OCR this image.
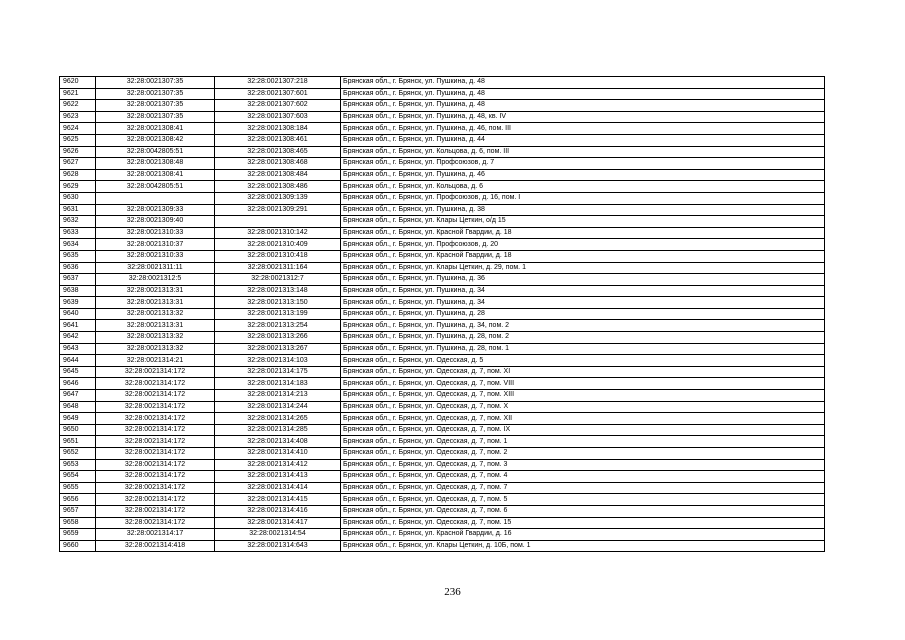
9620	32:28:0021307:35	32:28:0021307:218	Брянская обл., г. Брянск, ул. Пушкина, д. 48
9621	32:28:0021307:35	32:28:0021307:601	Брянская обл., г. Брянск, ул. Пушкина, д. 48
9622	32:28:0021307:35	32:28:0021307:602	Брянская обл., г. Брянск, ул. Пушкина, д. 48
9623	32:28:0021307:35	32:28:0021307:603	Брянская обл., г. Брянск, ул. Пушкина, д. 48, кв. IV
9624	32:28:0021308:41	32:28:0021308:184	Брянская обл., г. Брянск, ул. Пушкина, д. 46, пом. III
9625	32:28:0021308:42	32:28:0021308:461	Брянская обл., г. Брянск, ул. Пушкина, д. 44
9626	32:28:0042805:51	32:28:0021308:465	Брянская обл., г. Брянск, ул. Кольцова, д. 6, пом. III
9627	32:28:0021308:48	32:28:0021308:468	Брянская обл., г. Брянск, ул. Профсоюзов, д. 7
9628	32:28:0021308:41	32:28:0021308:484	Брянская обл., г. Брянск, ул. Пушкина, д. 46
9629	32:28:0042805:51	32:28:0021308:486	Брянская обл., г. Брянск, ул. Кольцова, д. 6
9630		32:28:0021309:139	Брянская обл., г. Брянск, ул. Профсоюзов, д. 16, пом. I
9631	32:28:0021309:33	32:28:0021309:291	Брянская обл., г. Брянск, ул. Пушкина, д. 38
9632	32:28:0021309:40		Брянская обл., г. Брянск, ул. Клары Цеткин, о/д 15
9633	32:28:0021310:33	32:28:0021310:142	Брянская обл., г. Брянск, ул. Красной Гвардии, д. 18
9634	32:28:0021310:37	32:28:0021310:409	Брянская обл., г. Брянск, ул. Профсоюзов, д. 20
9635	32:28:0021310:33	32:28:0021310:418	Брянская обл., г. Брянск, ул. Красной Гвардии, д. 18
9636	32:28:0021311:11	32:28:0021311:164	Брянская обл., г. Брянск, ул. Клары Цеткин, д. 29, пом. 1
9637	32:28:0021312:5	32:28:0021312:7	Брянская обл., г. Брянск, ул. Пушкина, д. 36
9638	32:28:0021313:31	32:28:0021313:148	Брянская обл., г. Брянск, ул. Пушкина, д. 34
9639	32:28:0021313:31	32:28:0021313:150	Брянская обл., г. Брянск, ул. Пушкина, д. 34
9640	32:28:0021313:32	32:28:0021313:199	Брянская обл., г. Брянск, ул. Пушкина, д. 28
9641	32:28:0021313:31	32:28:0021313:254	Брянская обл., г. Брянск, ул. Пушкина, д. 34, пом. 2
9642	32:28:0021313:32	32:28:0021313:266	Брянская обл., г. Брянск, ул. Пушкина, д. 28, пом. 2
9643	32:28:0021313:32	32:28:0021313:267	Брянская обл., г. Брянск, ул. Пушкина, д. 28, пом. 1
9644	32:28:0021314:21	32:28:0021314:103	Брянская обл., г. Брянск, ул. Одесская, д. 5
9645	32:28:0021314:172	32:28:0021314:175	Брянская обл., г. Брянск, ул. Одесская, д. 7, пом. XI
9646	32:28:0021314:172	32:28:0021314:183	Брянская обл., г. Брянск, ул. Одесская, д. 7, пом. VIII
9647	32:28:0021314:172	32:28:0021314:213	Брянская обл., г. Брянск, ул. Одесская, д. 7, пом. XIII
9648	32:28:0021314:172	32:28:0021314:244	Брянская обл., г. Брянск, ул. Одесская, д. 7, пом. X
9649	32:28:0021314:172	32:28:0021314:265	Брянская обл., г. Брянск, ул. Одесская, д. 7, пом. XII
9650	32:28:0021314:172	32:28:0021314:285	Брянская обл., г. Брянск, ул. Одесская, д. 7, пом. IX
9651	32:28:0021314:172	32:28:0021314:408	Брянская обл., г. Брянск, ул. Одесская, д. 7, пом. 1
9652	32:28:0021314:172	32:28:0021314:410	Брянская обл., г. Брянск, ул. Одесская, д. 7, пом. 2
9653	32:28:0021314:172	32:28:0021314:412	Брянская обл., г. Брянск, ул. Одесская, д. 7, пом. 3
9654	32:28:0021314:172	32:28:0021314:413	Брянская обл., г. Брянск, ул. Одесская, д. 7, пом. 4
9655	32:28:0021314:172	32:28:0021314:414	Брянская обл., г. Брянск, ул. Одесская, д. 7, пом. 7
9656	32:28:0021314:172	32:28:0021314:415	Брянская обл., г. Брянск, ул. Одесская, д. 7, пом. 5
9657	32:28:0021314:172	32:28:0021314:416	Брянская обл., г. Брянск, ул. Одесская, д. 7, пом. 6
9658	32:28:0021314:172	32:28:0021314:417	Брянская обл., г. Брянск, ул. Одесская, д. 7, пом. 15
9659	32:28:0021314:17	32:28:0021314:54	Брянская обл., г. Брянск, ул. Красной Гвардии, д. 16
9660	32:28:0021314:418	32:28:0021314:643	Брянская обл., г. Брянск, ул. Клары Цеткин, д. 10Б, пом. 1
236
